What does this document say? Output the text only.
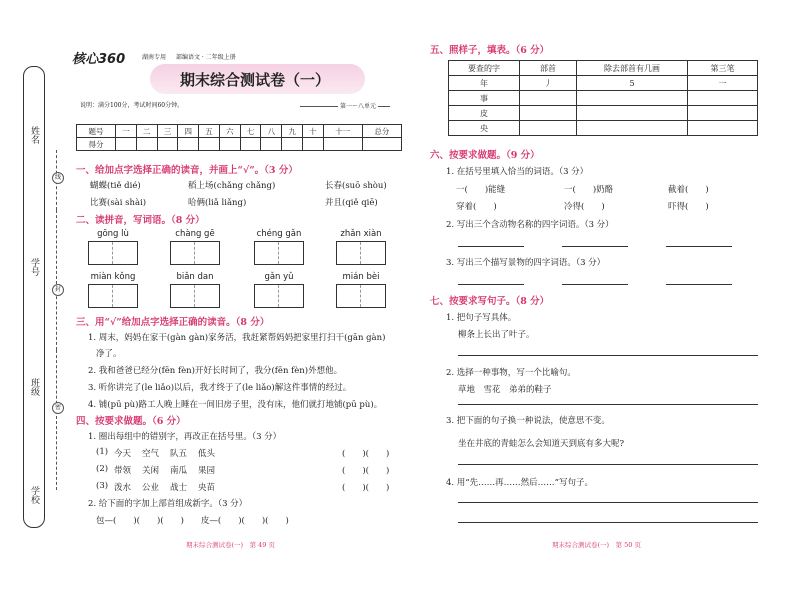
姓名
学号
班级
学校
线
封
密
核心360	湖南专用 部编语文 · 二年级上册
期末综合测试卷（一）
说明：满分100分，考试时间60分钟。	第一～八单元
题号	一	二	三	四	五	六	七	八	九	十	十一	总分
得分												
一、给加点字选择正确的读音，并画上“√”。（3 分）
蝴蝶(tiě dié)	稻上场(chǎng chǎng)	长春(suō shòu)
比赛(sài shài)	哈俩(liǎ liǎng)	并且(qiě qiē)
二、读拼音，写词语。（8 分）
gōng lù	chàng gē	chéng gǎn	zhǎn xiàn
miàn kǒng	biǎn dan	gǎn yǔ	mián bèi
三、用“√”给加点字选择正确的读音。（8 分）
1. 周末，妈妈在家干(gàn gàn)家务活，我赶紧帮妈妈把家里打扫干(gān gàn)
净了。
2. 我和爸爸已经分(fēn fèn)开好长时间了，我分(fēn fèn)外想他。
3. 听你讲完了(le liǎo)以后，我才终于了(le liǎo)解这件事情的经过。
4. 铺(pū pù)路工人晚上睡在一间旧房子里，没有床，他们就打地铺(pū pù)。
四、按要求做题。（6 分）
1. 圈出每组中的错别字，再改正在括号里。（3 分）
(1) 今天 空气 队五 低头	(　　)(　　)
(2) 带领 关闲 南瓜 果园	(　　)(　　)
(3) 泼水 公业 战士 央苗	(　　)(　　)
2. 给下面的字加上部首组成新字。（3 分）
包—(　　)(　　)(　　)　　皮—(　　)(　　)(　　)
期末综合测试卷(一)　第 49 页
五、照样子，填表。（6 分）
要查的字	部首	除去部首有几画	第三笔
年	丿	5	一
事			
皮			
央			
六、按要求做题。（9 分）
1. 在括号里填入恰当的词语。（3 分）
一(　　)能缝	一(　　)奶酪	截着(　　)
穿着(　　)	冷得(　　)	吓得(　　)
2. 写出三个含动物名称的四字词语。（3 分）
3. 写出三个描写景物的四字词语。（3 分）
七、按要求写句子。（8 分）
1. 把句子写具体。
柳条上长出了叶子。
2. 选择一种事物，写一个比喻句。
草地　雪花　弟弟的鞋子
3. 把下面的句子换一种说法，使意思不变。
坐在井底的青蛙怎么会知道天到底有多大呢?
4. 用“先……再……然后……”写句子。
期末综合测试卷(一)　第 50 页
